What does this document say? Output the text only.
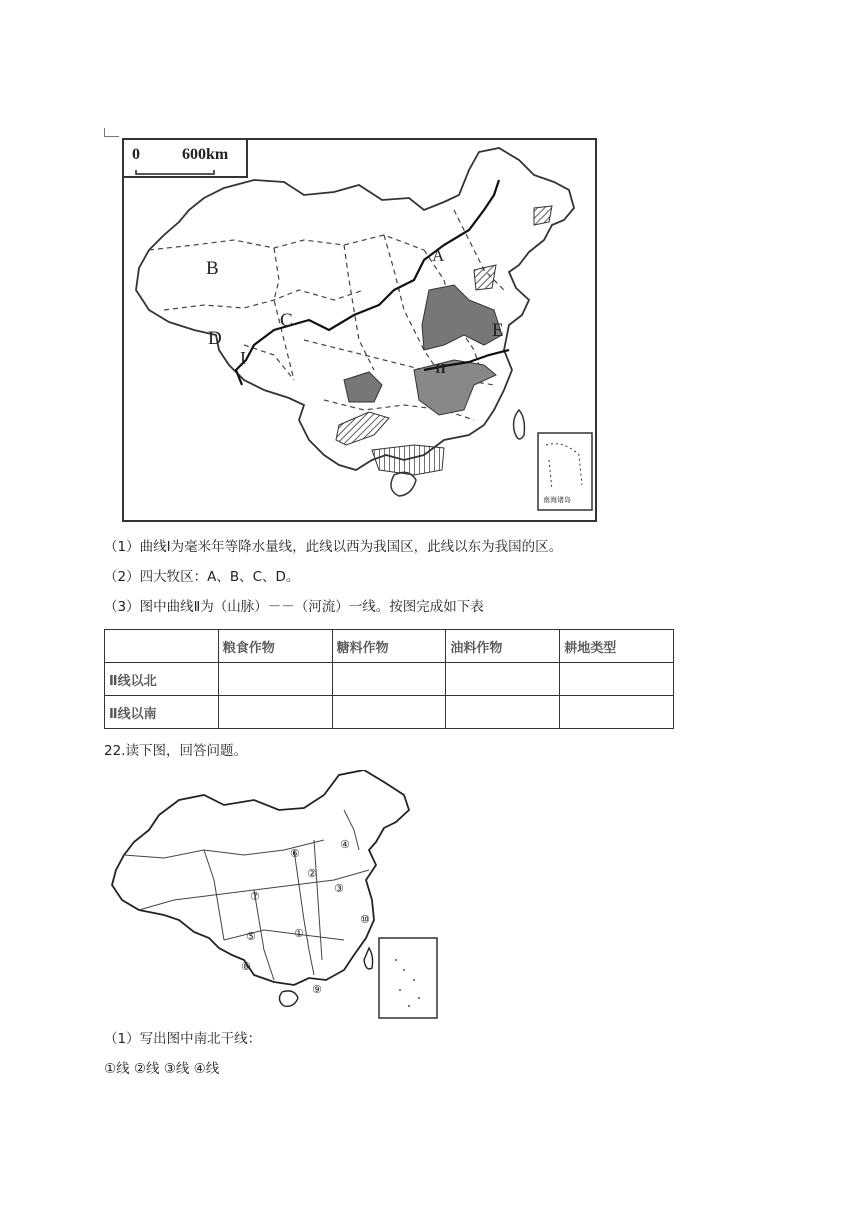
0	600km
B
D
C
A
E
I
II
南海诸岛
（1）曲线Ⅰ为毫米年等降水量线，此线以西为我国区，此线以东为我国的区。
（2）四大牧区：A、B、C、D。
（3）图中曲线Ⅱ为（山脉）－－（河流）一线。按图完成如下表
	粮食作物	糖料作物	油料作物	耕地类型
Ⅱ线以北				
Ⅱ线以南				
22.读下图，回答问题。
⑥
④
②
③
⑦
⑩
①
⑤
⑧
⑨
（1）写出图中南北干线：
①线 ②线 ③线 ④线
